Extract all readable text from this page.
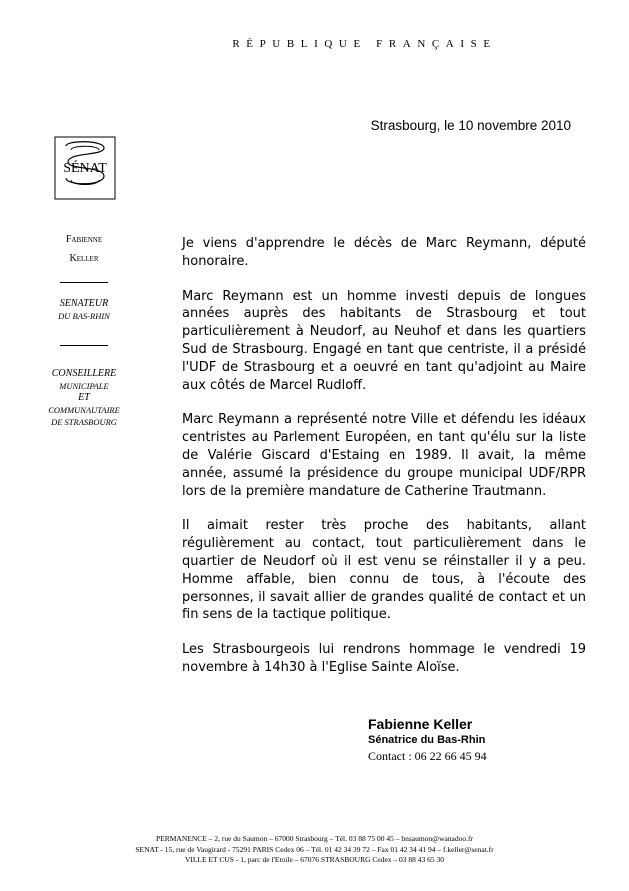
RÉPUBLIQUE FRANÇAISE
Strasbourg, le 10 novembre 2010
SÉNAT
Fabienne
Keller
SENATEUR
DU BAS-RHIN
CONSEILLERE
MUNICIPALE
ET
COMMUNAUTAIRE
DE STRASBOURG

Je viens d'apprendre le décès de Marc Reymann, député honoraire.

Marc Reymann est un homme investi depuis de longues années auprès des habitants de Strasbourg et tout particulièrement à Neudorf, au Neuhof et dans les quartiers Sud de Strasbourg. Engagé en tant que centriste, il a présidé l'UDF de Strasbourg et a oeuvré en tant qu'adjoint au Maire aux côtés de Marcel Rudloff.

Marc Reymann a représenté notre Ville et défendu les idéaux centristes au Parlement Européen, en tant qu'élu sur la liste de Valérie Giscard d'Estaing en 1989. Il avait, la même année, assumé la présidence du groupe municipal UDF/RPR lors de la première mandature de Catherine Trautmann.

Il aimait rester très proche des habitants, allant régulièrement au contact, tout particulièrement dans le quartier de Neudorf où il est venu se réinstaller il y a peu. Homme affable, bien connu de tous, à l'écoute des personnes, il savait allier de grandes qualité de contact et un fin sens de la tactique politique.

Les Strasbourgeois lui rendrons hommage le vendredi 19 novembre à 14h30 à l'Eglise Sainte Aloïse.

Fabienne Keller
Sénatrice du Bas-Rhin
Contact : 06 22 66 45 94
PERMANENCE – 2, rue du Saumon – 67000 Strasbourg – Tél. 03 88 75 00 45 – bnsaumon@wanadoo.fr
SENAT - 15, rue de Vaugirard - 75291 PARIS Cedex 06 – Tél. 01 42 34 39 72 – Fax 01 42 34 41 94 – f.keller@senat.fr
VILLE ET CUS - 1, parc de l'Etoile – 67076 STRASBOURG Cedex – 03 88 43 65 30
